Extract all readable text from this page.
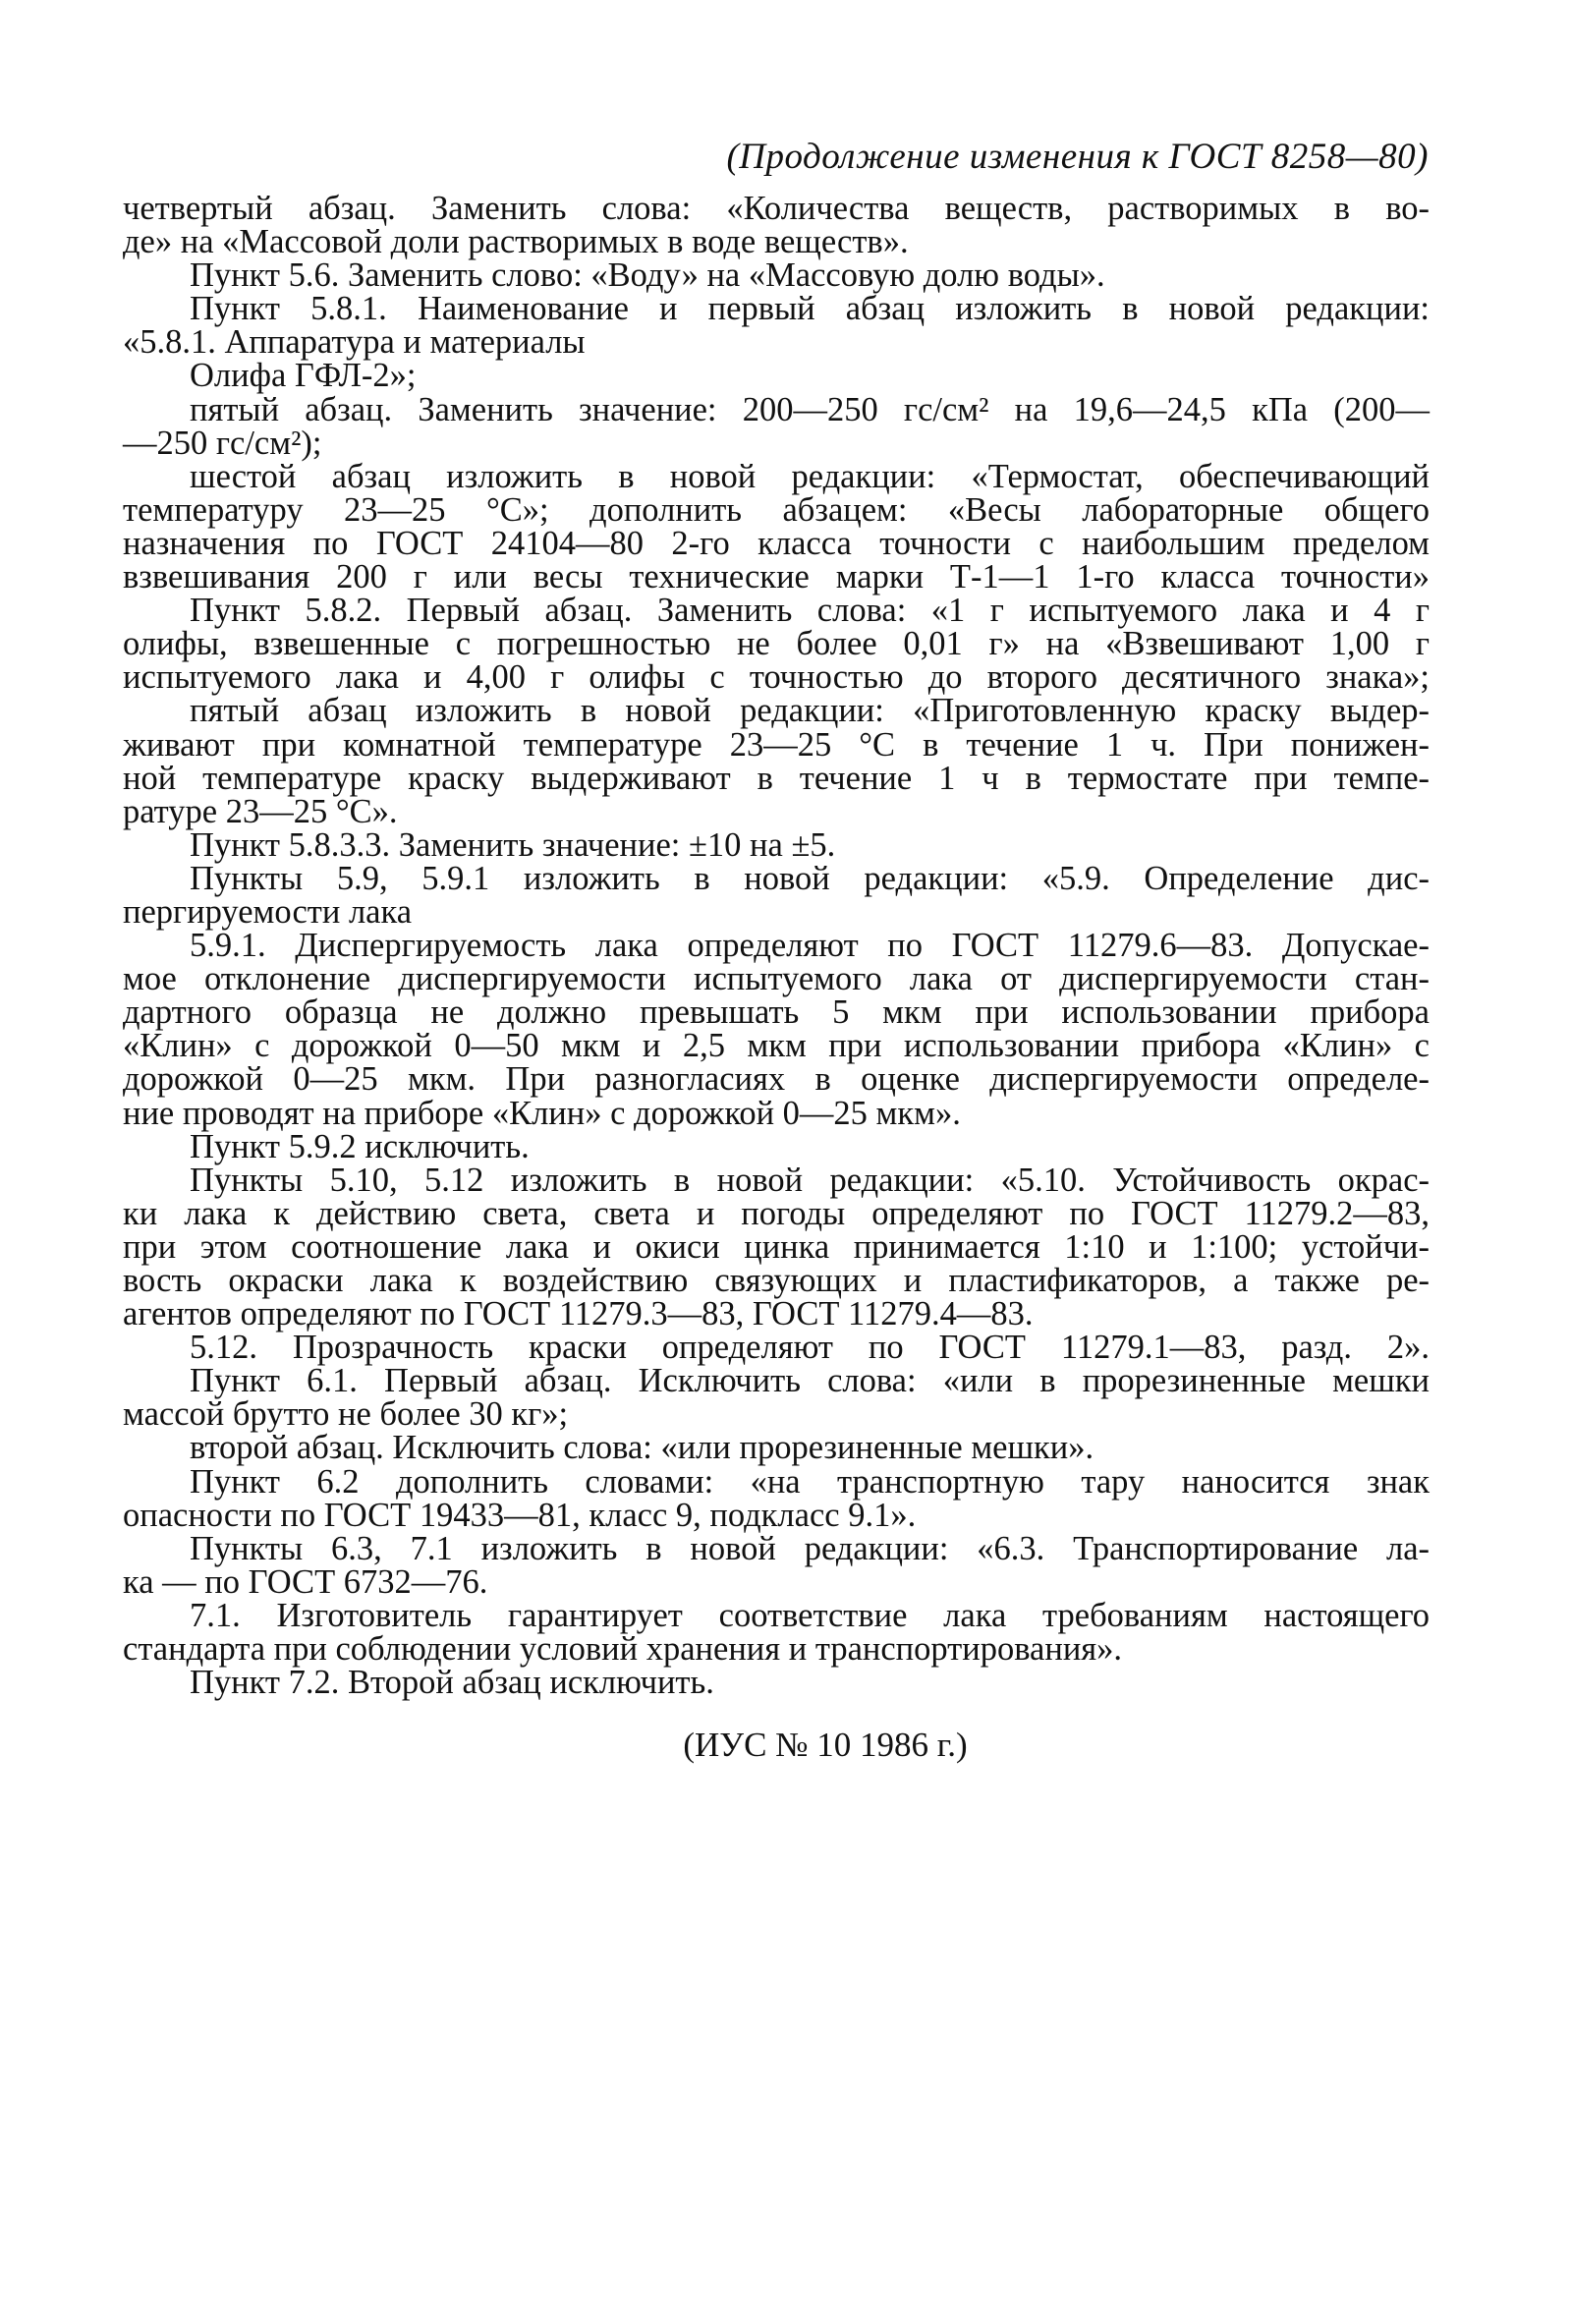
(Продолжение изменения к ГОСТ 8258—80)
четвертый абзац. Заменить слова: «Количества веществ, растворимых в во-
де» на «Массовой доли растворимых в воде веществ».
Пункт 5.6. Заменить слово: «Воду» на «Массовую долю воды».
Пункт 5.8.1. Наименование и первый абзац изложить в новой редакции:
«5.8.1. Аппаратура и материалы
Олифа ГФЛ-2»;
пятый абзац. Заменить значение: 200—250 гс/см² на 19,6—24,5 кПа (200—
—250 гс/см²);
шестой абзац изложить в новой редакции: «Термостат, обеспечивающий
температуру 23—25 °С»; дополнить абзацем: «Весы лабораторные общего
назначения по ГОСТ 24104—80 2-го класса точности с наибольшим пределом
взвешивания 200 г или весы технические марки Т-1—1 1-го класса точности»
Пункт 5.8.2. Первый абзац. Заменить слова: «1 г испытуемого лака и 4 г
олифы, взвешенные с погрешностью не более 0,01 г» на «Взвешивают 1,00 г
испытуемого лака и 4,00 г олифы с точностью до второго десятичного знака»;
пятый абзац изложить в новой редакции: «Приготовленную краску выдер-
живают при комнатной температуре 23—25 °С в течение 1 ч. При понижен-
ной температуре краску выдерживают в течение 1 ч в термостате при темпе-
ратуре 23—25 °С».
Пункт 5.8.3.3. Заменить значение: ±10 на ±5.
Пункты 5.9, 5.9.1 изложить в новой редакции: «5.9. Определение дис-
пергируемости лака
5.9.1. Диспергируемость лака определяют по ГОСТ 11279.6—83. Допускае-
мое отклонение диспергируемости испытуемого лака от диспергируемости стан-
дартного образца не должно превышать 5 мкм при использовании прибора
«Клин» с дорожкой 0—50 мкм и 2,5 мкм при использовании прибора «Клин» с
дорожкой 0—25 мкм. При разногласиях в оценке диспергируемости определе-
ние проводят на приборе «Клин» с дорожкой 0—25 мкм».
Пункт 5.9.2 исключить.
Пункты 5.10, 5.12 изложить в новой редакции: «5.10. Устойчивость окрас-
ки лака к действию света, света и погоды определяют по ГОСТ 11279.2—83,
при этом соотношение лака и окиси цинка принимается 1:10 и 1:100; устойчи-
вость окраски лака к воздействию связующих и пластификаторов, а также ре-
агентов определяют по ГОСТ 11279.3—83, ГОСТ 11279.4—83.
5.12. Прозрачность краски определяют по ГОСТ 11279.1—83, разд. 2».
Пункт 6.1. Первый абзац. Исключить слова: «или в прорезиненные мешки
массой брутто не более 30 кг»;
второй абзац. Исключить слова: «или прорезиненные мешки».
Пункт 6.2 дополнить словами: «на транспортную тару наносится знак
опасности по ГОСТ 19433—81, класс 9, подкласс 9.1».
Пункты 6.3, 7.1 изложить в новой редакции: «6.3. Транспортирование ла-
ка — по ГОСТ 6732—76.
7.1. Изготовитель гарантирует соответствие лака требованиям настоящего
стандарта при соблюдении условий хранения и транспортирования».
Пункт 7.2. Второй абзац исключить.
(ИУС № 10 1986 г.)
